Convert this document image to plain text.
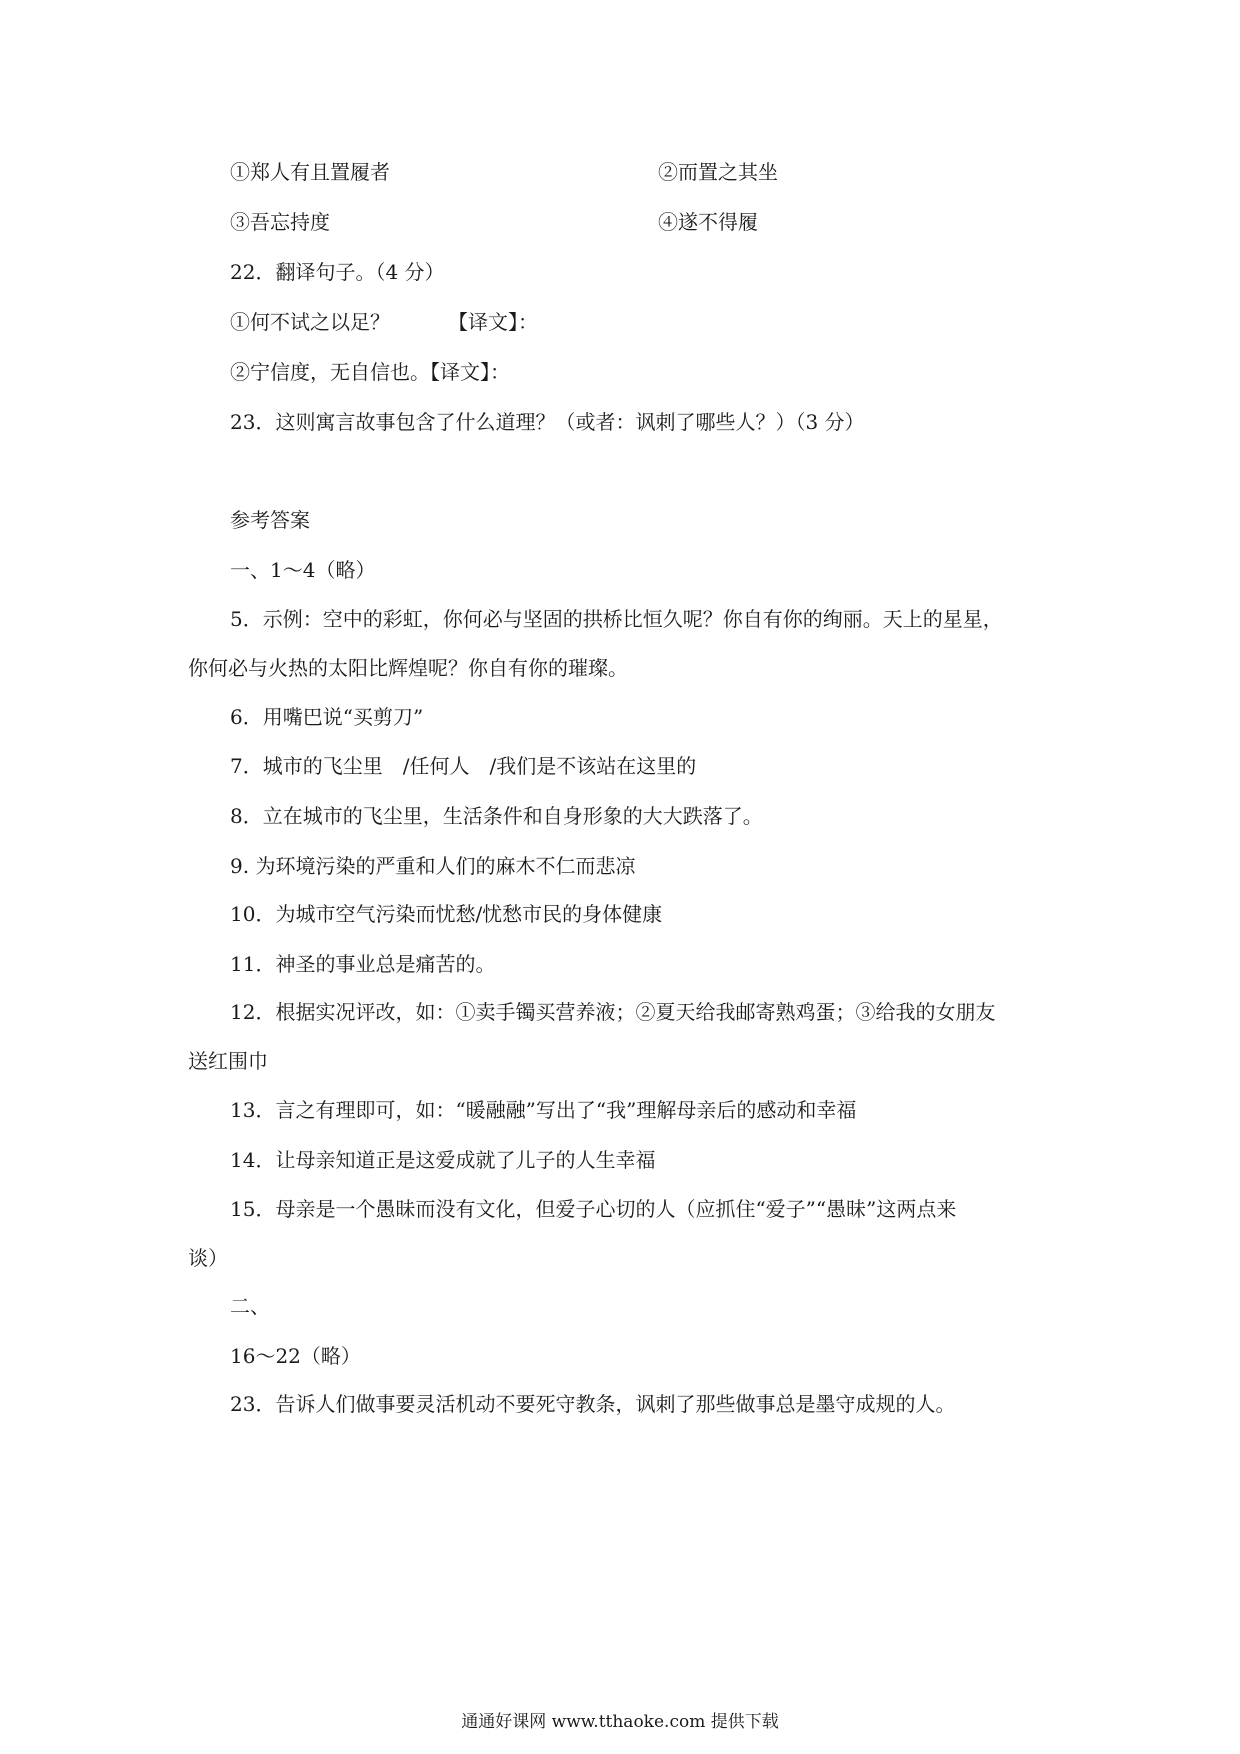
①郑人有且置履者	②而置之其坐
③吾忘持度	④遂不得履
22．翻译句子。（4 分）
①何不试之以足？	【译文】：
②宁信度，无自信也。【译文】：
23．这则寓言故事包含了什么道理？（或者：讽刺了哪些人？）（3 分）
参考答案
一、1～4（略）
5．示例：空中的彩虹，你何必与坚固的拱桥比恒久呢？你自有你的绚丽。天上的星星，
你何必与火热的太阳比辉煌呢？你自有你的璀璨。
6．用嘴巴说“买剪刀”
7．城市的飞尘里　/任何人　/我们是不该站在这里的
8．立在城市的飞尘里，生活条件和自身形象的大大跌落了。
9. 为环境污染的严重和人们的麻木不仁而悲凉
10．为城市空气污染而忧愁/忧愁市民的身体健康
11．神圣的事业总是痛苦的。
12．根据实况评改，如：①卖手镯买营养液；②夏天给我邮寄熟鸡蛋；③给我的女朋友
送红围巾
13．言之有理即可，如：“暖融融”写出了“我”理解母亲后的感动和幸福
14．让母亲知道正是这爱成就了儿子的人生幸福
15．母亲是一个愚昧而没有文化，但爱子心切的人（应抓住“爱子”“愚昧”这两点来
谈）
二、
16～22（略）
23．告诉人们做事要灵活机动不要死守教条，讽刺了那些做事总是墨守成规的人。
通通好课网 www.tthaoke.com 提供下载
